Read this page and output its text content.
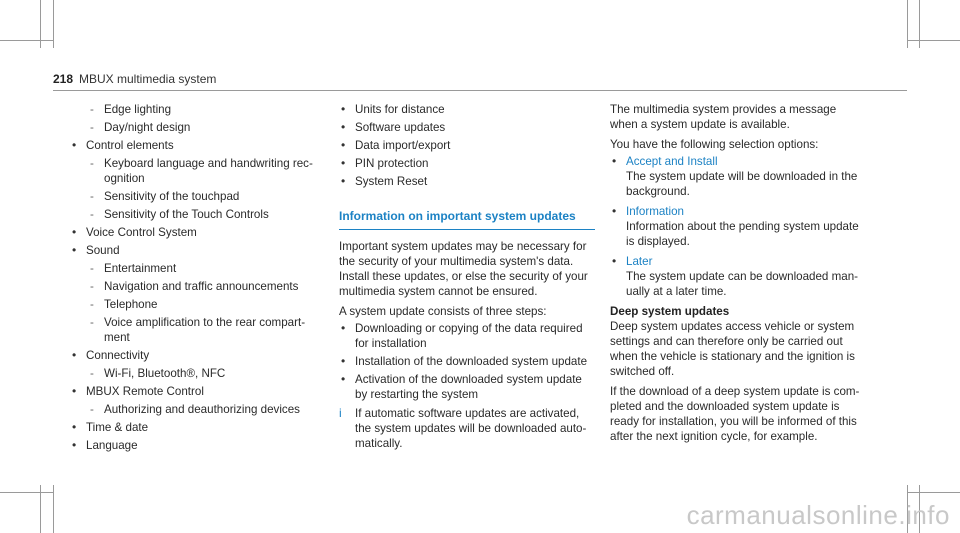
218 MBUX multimedia system
- Edge lighting
- Day/night design
• Control elements
- Keyboard language and handwriting rec-
ognition
- Sensitivity of the touchpad
- Sensitivity of the Touch Controls
• Voice Control System
• Sound
- Entertainment
- Navigation and traffic announcements
- Telephone
- Voice amplification to the rear compart-
ment
• Connectivity
- Wi-Fi, Bluetooth®, NFC
• MBUX Remote Control
- Authorizing and deauthorizing devices
• Time & date
• Language
• Units for distance
• Software updates
• Data import/export
• PIN protection
• System Reset
Information on important system updates

Important system updates may be necessary for the security of your multimedia system's data. Install these updates, or else the security of your multimedia system cannot be ensured.

A system update consists of three steps:

• Downloading or copying of the data required for installation
• Installation of the downloaded system update
• Activation of the downloaded system update by restarting the system
i If automatic software updates are activated, the system updates will be downloaded auto-matically.

The multimedia system provides a message when a system update is available.

You have the following selection options:

• Accept and Install
The system update will be downloaded in the background.
• Information
Information about the pending system update is displayed.
• Later
The system update can be downloaded man-ually at a later time.
Deep system updates

Deep system updates access vehicle or system settings and can therefore only be carried out when the vehicle is stationary and the ignition is switched off.

If the download of a deep system update is com-pleted and the downloaded system update is ready for installation, you will be informed of this after the next ignition cycle, for example.

carmanualsonline.info
